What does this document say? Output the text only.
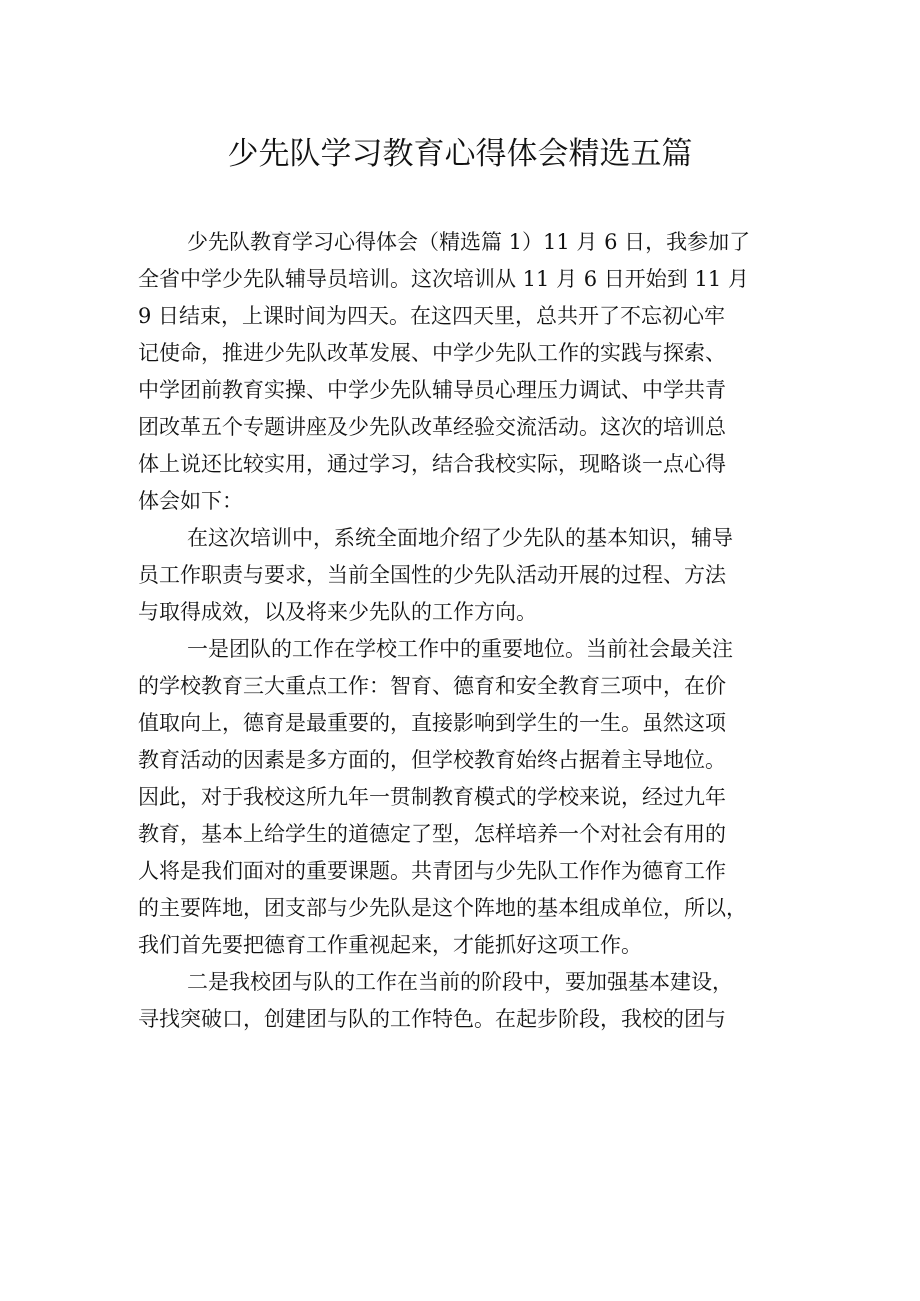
少先队学习教育心得体会精选五篇
少先队教育学习心得体会（精选篇 1）11 月 6 日，我参加了
全省中学少先队辅导员培训。这次培训从 11 月 6 日开始到 11 月
9 日结束，上课时间为四天。在这四天里，总共开了不忘初心牢
记使命，推进少先队改革发展、中学少先队工作的实践与探索、
中学团前教育实操、中学少先队辅导员心理压力调试、中学共青
团改革五个专题讲座及少先队改革经验交流活动。这次的培训总
体上说还比较实用，通过学习，结合我校实际，现略谈一点心得
体会如下：
在这次培训中，系统全面地介绍了少先队的基本知识，辅导
员工作职责与要求，当前全国性的少先队活动开展的过程、方法
与取得成效，以及将来少先队的工作方向。
一是团队的工作在学校工作中的重要地位。当前社会最关注
的学校教育三大重点工作：智育、德育和安全教育三项中，在价
值取向上，德育是最重要的，直接影响到学生的一生。虽然这项
教育活动的因素是多方面的，但学校教育始终占据着主导地位。
因此，对于我校这所九年一贯制教育模式的学校来说，经过九年
教育，基本上给学生的道德定了型，怎样培养一个对社会有用的
人将是我们面对的重要课题。共青团与少先队工作作为德育工作
的主要阵地，团支部与少先队是这个阵地的基本组成单位，所以，
我们首先要把德育工作重视起来，才能抓好这项工作。
二是我校团与队的工作在当前的阶段中，要加强基本建设，
寻找突破口，创建团与队的工作特色。在起步阶段，我校的团与
